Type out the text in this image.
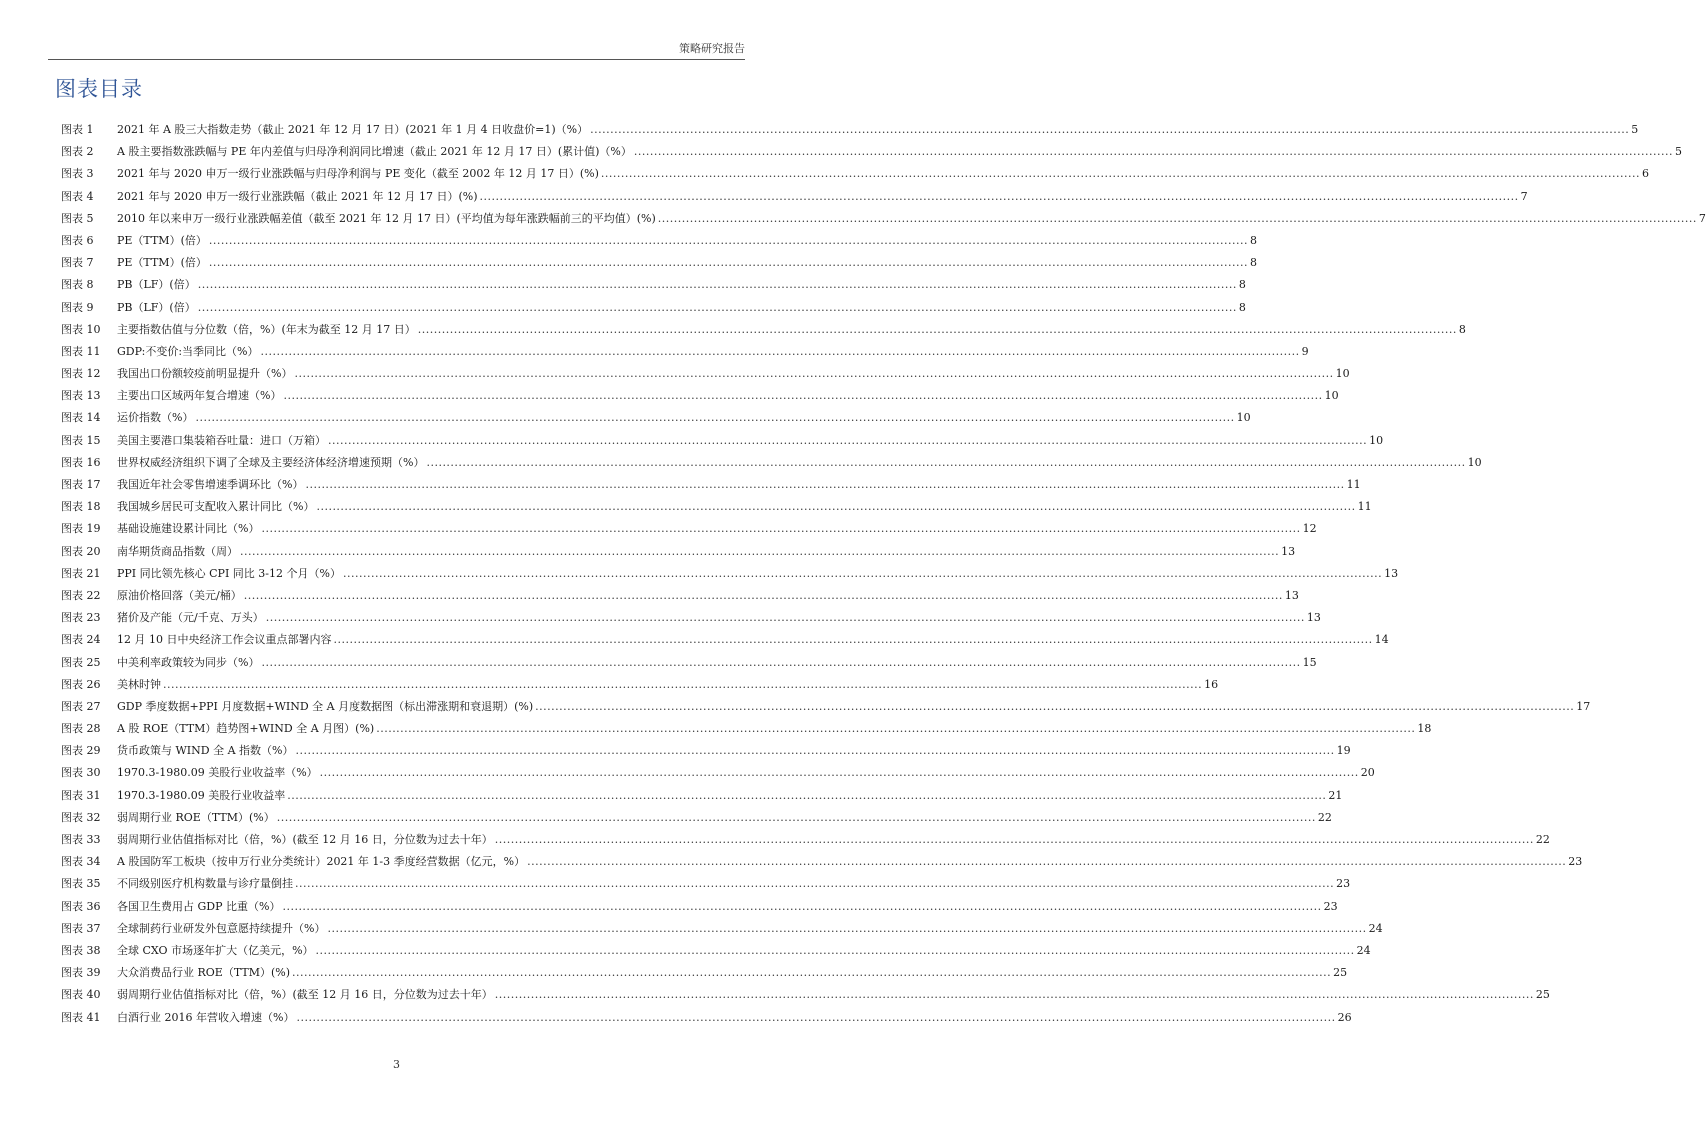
策略研究报告
图表目录
图表 1	2021 年 A 股三大指数走势（截止 2021 年 12 月 17 日）(2021 年 1 月 4 日收盘价=1)（%） .....	5
图表 2	A 股主要指数涨跌幅与 PE 年内差值与归母净利润同比增速（截止 2021 年 12 月 17 日）(累计值)（%） .....	5
图表 3	2021 年与 2020 申万一级行业涨跌幅与归母净利润与 PE 变化（截至 2002 年 12 月 17 日）(%) .....	6
图表 4	2021 年与 2020 申万一级行业涨跌幅（截止 2021 年 12 月 17 日）(%) .....	7
图表 5	2010 年以来申万一级行业涨跌幅差值（截至 2021 年 12 月 17 日）(平均值为每年涨跌幅前三的平均值）(%) .....	7
图表 6	PE（TTM）(倍） .....	8
图表 7	PE（TTM）(倍） .....	8
图表 8	PB（LF）(倍） .....	8
图表 9	PB（LF）(倍） .....	8
图表 10	主要指数估值与分位数（倍，%）(年末为截至 12 月 17 日） .....	8
图表 11	GDP:不变价:当季同比（%） .....	9
图表 12	我国出口份额较疫前明显提升（%） .....	10
图表 13	主要出口区域两年复合增速（%） .....	10
图表 14	运价指数（%） .....	10
图表 15	美国主要港口集装箱吞吐量：进口（万箱） .....	10
图表 16	世界权威经济组织下调了全球及主要经济体经济增速预期（%） .....	10
图表 17	我国近年社会零售增速季调环比（%） .....	11
图表 18	我国城乡居民可支配收入累计同比（%） .....	11
图表 19	基础设施建设累计同比（%） .....	12
图表 20	南华期货商品指数（周） .....	13
图表 21	PPI 同比领先核心 CPI 同比 3-12 个月（%） .....	13
图表 22	原油价格回落（美元/桶） .....	13
图表 23	猪价及产能（元/千克、万头） .....	13
图表 24	12 月 10 日中央经济工作会议重点部署内容 .....	14
图表 25	中美利率政策较为同步（%） .....	15
图表 26	美林时钟 .....	16
图表 27	GDP 季度数据+PPI 月度数据+WIND 全 A 月度数据图（标出滞涨期和衰退期）(%) .....	17
图表 28	A 股 ROE（TTM）趋势图+WIND 全 A 月图）(%) .....	18
图表 29	货币政策与 WIND 全 A 指数（%） .....	19
图表 30	1970.3-1980.09 美股行业收益率（%） .....	20
图表 31	1970.3-1980.09 美股行业收益率 .....	21
图表 32	弱周期行业 ROE（TTM）(%） .....	22
图表 33	弱周期行业估值指标对比（倍，%）(截至 12 月 16 日，分位数为过去十年） .....	22
图表 34	A 股国防军工板块（按申万行业分类统计）2021 年 1-3 季度经营数据（亿元，%） .....	23
图表 35	不同级别医疗机构数量与诊疗量倒挂 .....	23
图表 36	各国卫生费用占 GDP 比重（%） .....	23
图表 37	全球制药行业研发外包意愿持续提升（%） .....	24
图表 38	全球 CXO 市场逐年扩大（亿美元，%） .....	24
图表 39	大众消费品行业 ROE（TTM）(%) .....	25
图表 40	弱周期行业估值指标对比（倍，%）(截至 12 月 16 日，分位数为过去十年） .....	25
图表 41	白酒行业 2016 年营收入增速（%） .....	26
3
